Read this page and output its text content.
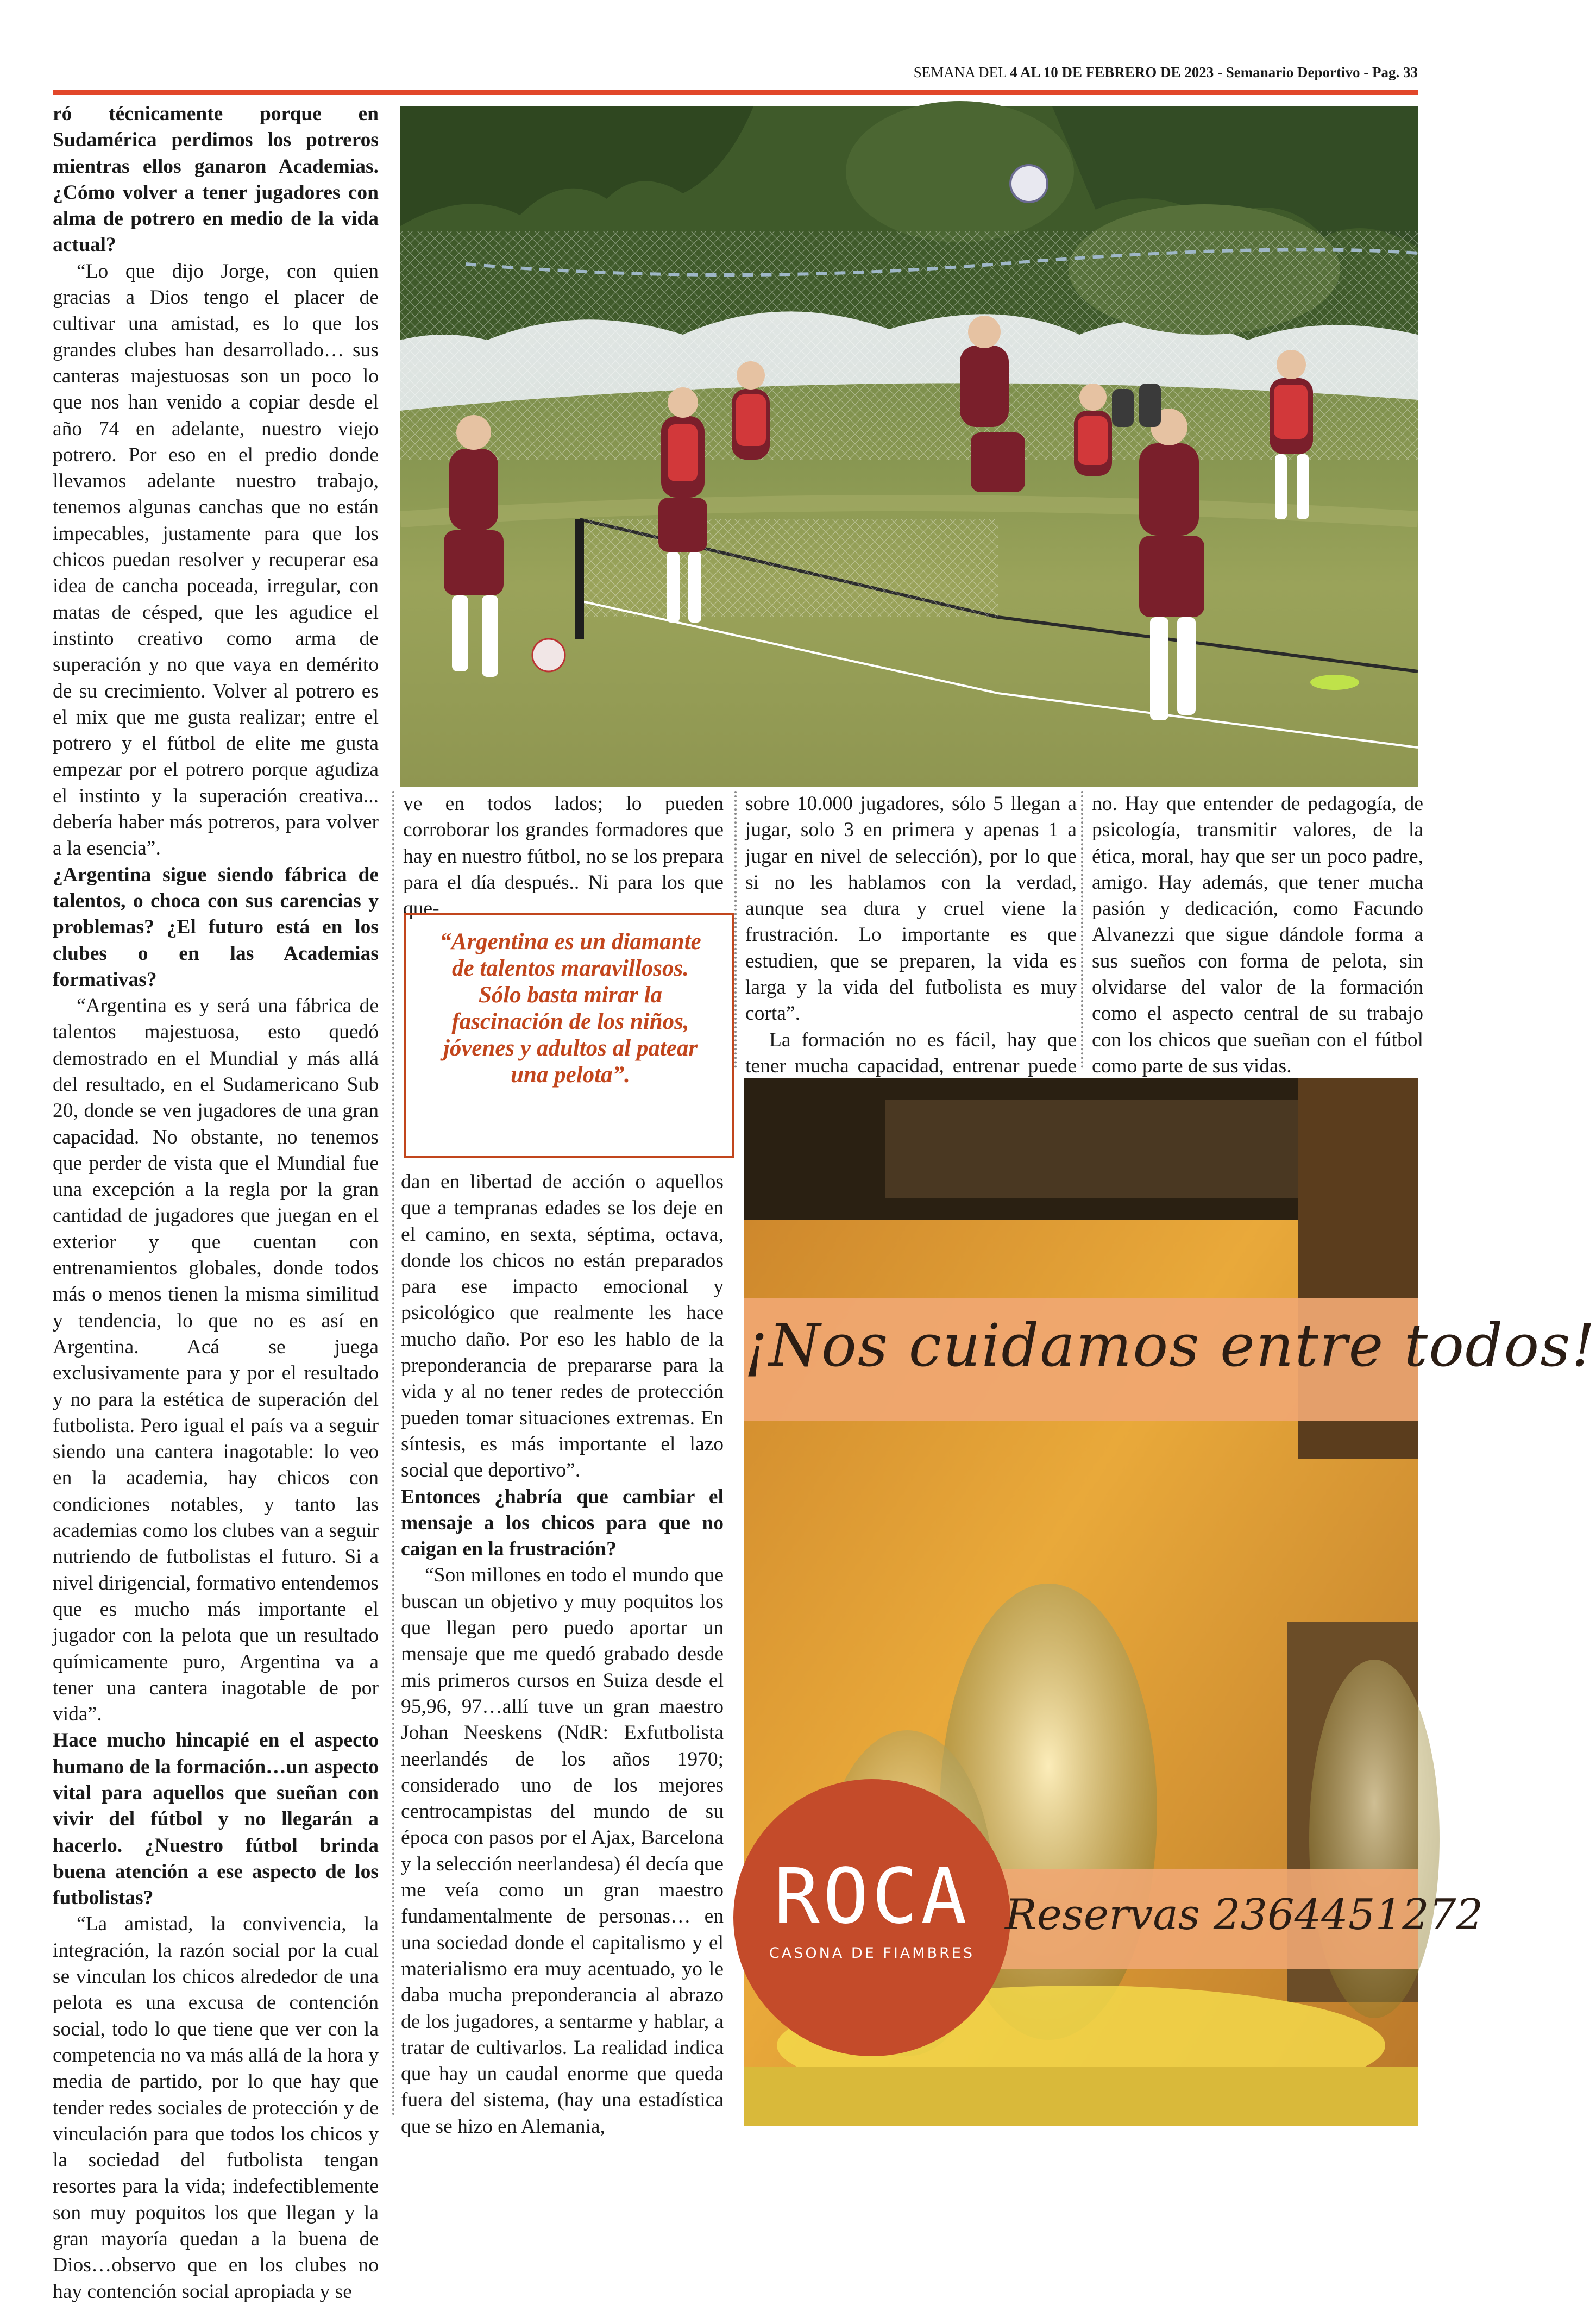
SEMANA DEL 4 AL 10 DE FEBRERO DE 2023 - Semanario Deportivo - Pag. 33

ró técnicamente porque en Sudamérica perdimos los potreros mientras ellos ganaron Academias. ¿Cómo volver a tener jugadores con alma de potrero en medio de la vida actual?

“Lo que dijo Jorge, con quien gracias a Dios tengo el placer de cultivar una amistad, es lo que los grandes clubes han desarrollado… sus canteras majestuosas son un poco lo que nos han venido a copiar desde el año 74 en adelante, nuestro viejo potrero. Por eso en el predio donde llevamos adelante nuestro trabajo, tenemos algunas canchas que no están impecables, justamente para que los chicos puedan resolver y recuperar esa idea de cancha poceada, irregular, con matas de césped, que les agudice el instinto creativo como arma de superación y no que vaya en demérito de su crecimiento. Volver al potrero es el mix que me gusta realizar; entre el potrero y el fútbol de elite me gusta empezar por el potrero porque agudiza el instinto y la superación creativa... debería haber más potreros, para volver a la esencia”.

¿Argentina sigue siendo fábrica de talentos, o choca con sus carencias y problemas? ¿El futuro está en los clubes o en las Academias formativas?

“Argentina es y será una fábrica de talentos majestuosa, esto quedó demostrado en el Mundial y más allá del resultado, en el Sudamericano Sub 20, donde se ven jugadores de una gran capacidad. No obstante, no tenemos que perder de vista que el Mundial fue una excepción a la regla por la gran cantidad de jugadores que juegan en el exterior y que cuentan con entrenamientos globales, donde todos más o menos tienen la misma similitud y tendencia, lo que no es así en Argentina. Acá se juega exclusivamente para y por el resultado y no para la estética de superación del futbolista. Pero igual el país va a seguir siendo una cantera inagotable: lo veo en la academia, hay chicos con condiciones notables, y tanto las academias como los clubes van a seguir nutriendo de futbolistas el futuro. Si a nivel dirigencial, formativo entendemos que es mucho más importante el jugador con la pelota que un resultado químicamente puro, Argentina va a tener una cantera inagotable de por vida”.

Hace mucho hincapié en el aspecto humano de la formación…un aspecto vital para aquellos que sueñan con vivir del fútbol y no llegarán a hacerlo. ¿Nuestro fútbol brinda buena atención a ese aspecto de los futbolistas?

“La amistad, la convivencia, la integración, la razón social por la cual se vinculan los chicos alrededor de una pelota es una excusa de contención social, todo lo que tiene que ver con la competencia no va más allá de la hora y media de partido, por lo que hay que tender redes sociales de protección y de vinculación para que todos los chicos y la sociedad del futbolista tengan resortes para la vida; indefectiblemente son muy poquitos los que llegan y la gran mayoría quedan a la buena de Dios…observo que en los clubes no hay contención social apropiada y se

ve en todos lados; lo pueden corroborar los grandes formadores que hay en nuestro fútbol, no se los prepara para el día después.. Ni para los que que-

dan en libertad de acción o aquellos que a tempranas edades se los deje en el camino, en sexta, séptima, octava, donde los chicos no están preparados para ese impacto emocional y psicológico que realmente les hace mucho daño. Por eso les hablo de la preponderancia de prepararse para la vida y al no tener redes de protección pueden tomar situaciones extremas. En síntesis, es más importante el lazo social que deportivo”.

Entonces ¿habría que cambiar el mensaje a los chicos para que no caigan en la frustración?

“Son millones en todo el mundo que buscan un objetivo y muy poquitos los que llegan pero puedo aportar un mensaje que me quedó grabado desde mis primeros cursos en Suiza desde el 95,96, 97…allí tuve un gran maestro Johan Neeskens (NdR: Exfutbolista neerlandés de los años 1970; considerado uno de los mejores centrocampistas del mundo de su época con pasos por el Ajax, Barcelona y la selección neerlandesa) él decía que me veía como un gran maestro fundamentalmente de personas… en una sociedad donde el capitalismo y el materialismo era muy acentuado, yo le daba mucha preponderancia al abrazo de los jugadores, a sentarme y hablar, a tratar de cultivarlos. La realidad indica que hay un caudal enorme que queda fuera del sistema, (hay una estadística que se hizo en Alemania,

“Argentina es un diamante de talentos maravillosos. Sólo basta mirar la fascinación de los niños, jóvenes y adultos al patear una pelota”.

sobre 10.000 jugadores, sólo 5 llegan a jugar, solo 3 en primera y apenas 1 a jugar en nivel de selección), por lo que si no les hablamos con la verdad, aunque sea dura y cruel viene la frustración. Lo importante es que estudien, que se preparen, la vida es larga y la vida del futbolista es muy corta”.

La formación no es fácil, hay que tener mucha capacidad, entrenar puede

no. Hay que entender de pedagogía, de psicología, transmitir valores, de la ética, moral, hay que ser un poco padre, amigo. Hay además, que tener mucha pasión y dedicación, como Facundo Alvanezzi que sigue dándole forma a sus sueños con forma de pelota, sin olvidarse del valor de la formación como el aspecto central de su trabajo con los chicos que sueñan con el fútbol como parte de sus vidas.

¡Nos cuidamos entre todos!
ROCA
CASONA DE FIAMBRES
Reservas 2364451272
